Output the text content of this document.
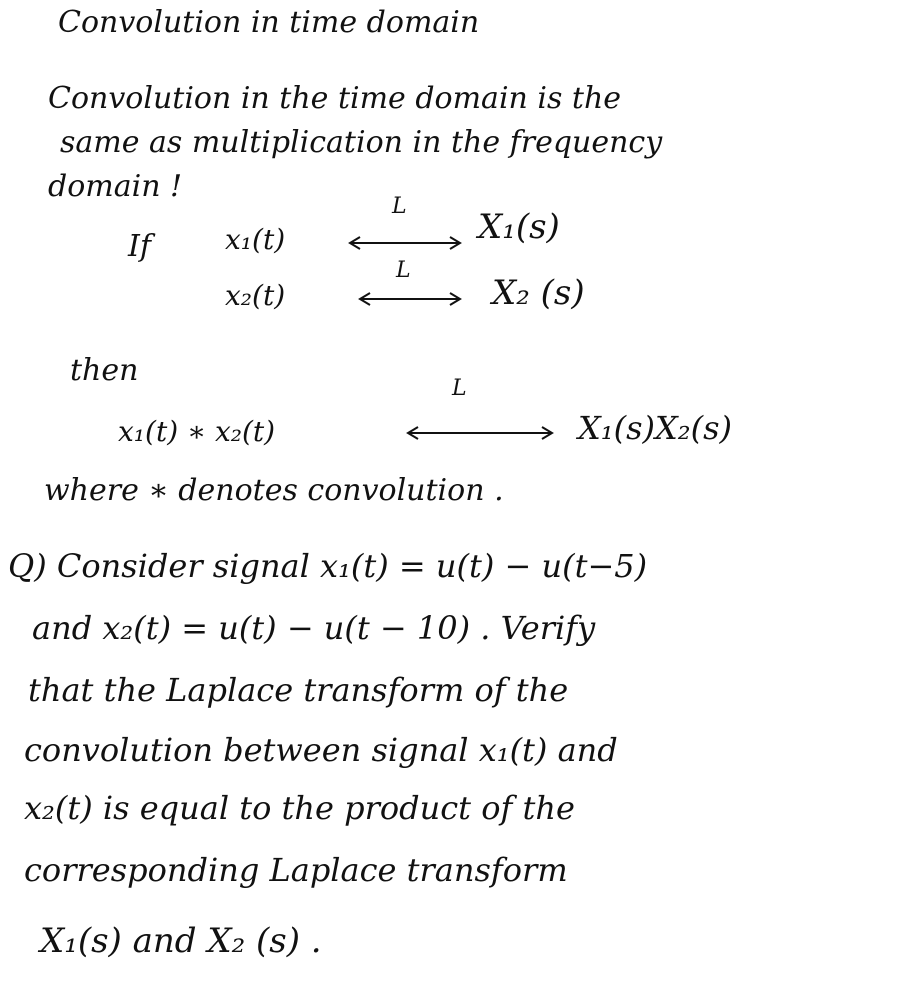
Convolution in time domain
Convolution in the time domain is the
same as multiplication in the frequency
domain !
If	x₁(t)
L
X₁(s)
x₂(t)
L
X₂ (s)
then
x₁(t) ∗ x₂(t)
L
X₁(s)X₂(s)
where ∗ denotes convolution .
Q) Consider signal x₁(t) = u(t) − u(t−5)
and x₂(t) = u(t) − u(t − 10) . Verify
that the Laplace transform of the
convolution between signal x₁(t) and
x₂(t) is equal to the product of the
corresponding Laplace transform
X₁(s) and X₂ (s) .
